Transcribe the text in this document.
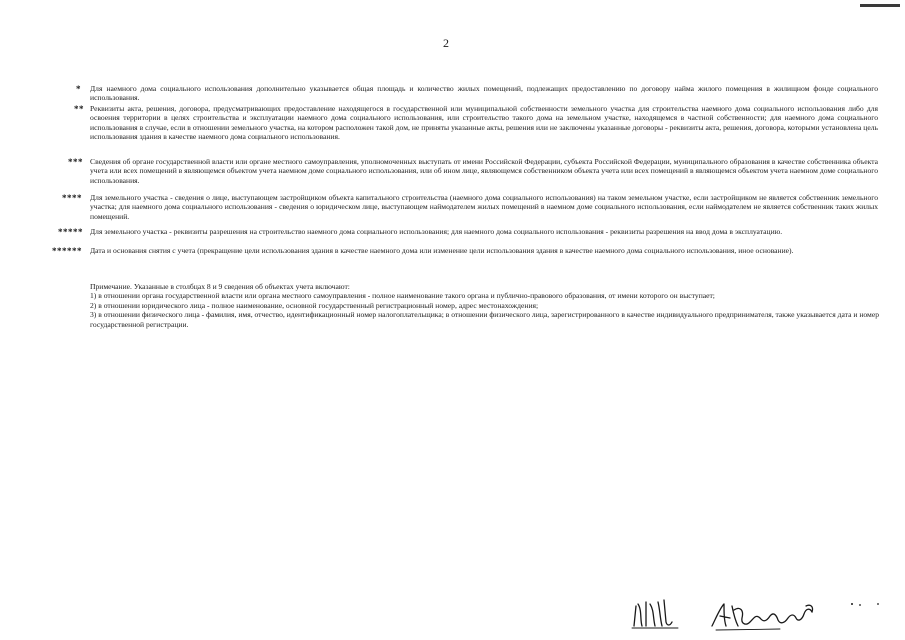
2
* Для наемного дома социального использования дополнительно указывается общая площадь и количество жилых помещений, подлежащих предоставлению по договору найма жилого помещения в жилищном фонде социального использования.
** Реквизиты акта, решения, договора, предусматривающих предоставление находящегося в государственной или муниципальной собственности земельного участка для строительства наемного дома социального использования либо для освоения территории в целях строительства и эксплуатации наемного дома социального использования, или строительство такого дома на земельном участке, находящемся в частной собственности; для наемного дома социального использования в случае, если в отношении земельного участка, на котором расположен такой дом, не приняты указанные акты, решения или не заключены указанные договоры - реквизиты акта, решения, договора, которыми установлена цель использования здания в качестве наемного дома социального использования.
*** Сведения об органе государственной власти или органе местного самоуправления, уполномоченных выступать от имени Российской Федерации, субъекта Российской Федерации, муниципального образования в качестве собственника объекта учета или всех помещений в являющемся объектом учета наемном доме социального использования, или об ином лице, являющемся собственником объекта учета или всех помещений в являющемся объектом учета наемном доме социального использования.
**** Для земельного участка - сведения о лице, выступающем застройщиком объекта капитального строительства (наемного дома социального использования) на таком земельном участке, если застройщиком не является собственник земельного участка; для наемного дома социального использования - сведения о юридическом лице, выступающем наймодателем жилых помещений в наемном доме социального использования, если наймодателем не является собственник таких жилых помещений.
***** Для земельного участка - реквизиты разрешения на строительство наемного дома социального использования; для наемного дома социального использования - реквизиты разрешения на ввод дома в эксплуатацию.
****** Дата и основания снятия с учета (прекращение цели использования здания в качестве наемного дома или изменение цели использования здания в качестве наемного дома социального использования, иное основание).
Примечание. Указанные в столбцах 8 и 9 сведения об объектах учета включают:
1) в отношении органа государственной власти или органа местного самоуправления - полное наименование такого органа и публично-правового образования, от имени которого он выступает;
2) в отношении юридического лица - полное наименование, основной государственный регистрационный номер, адрес местонахождения;
3) в отношении физического лица - фамилия, имя, отчество, идентификационный номер налогоплательщика; в отношении физического лица, зарегистрированного в качестве индивидуального предпринимателя, также указывается дата и номер государственной регистрации.
